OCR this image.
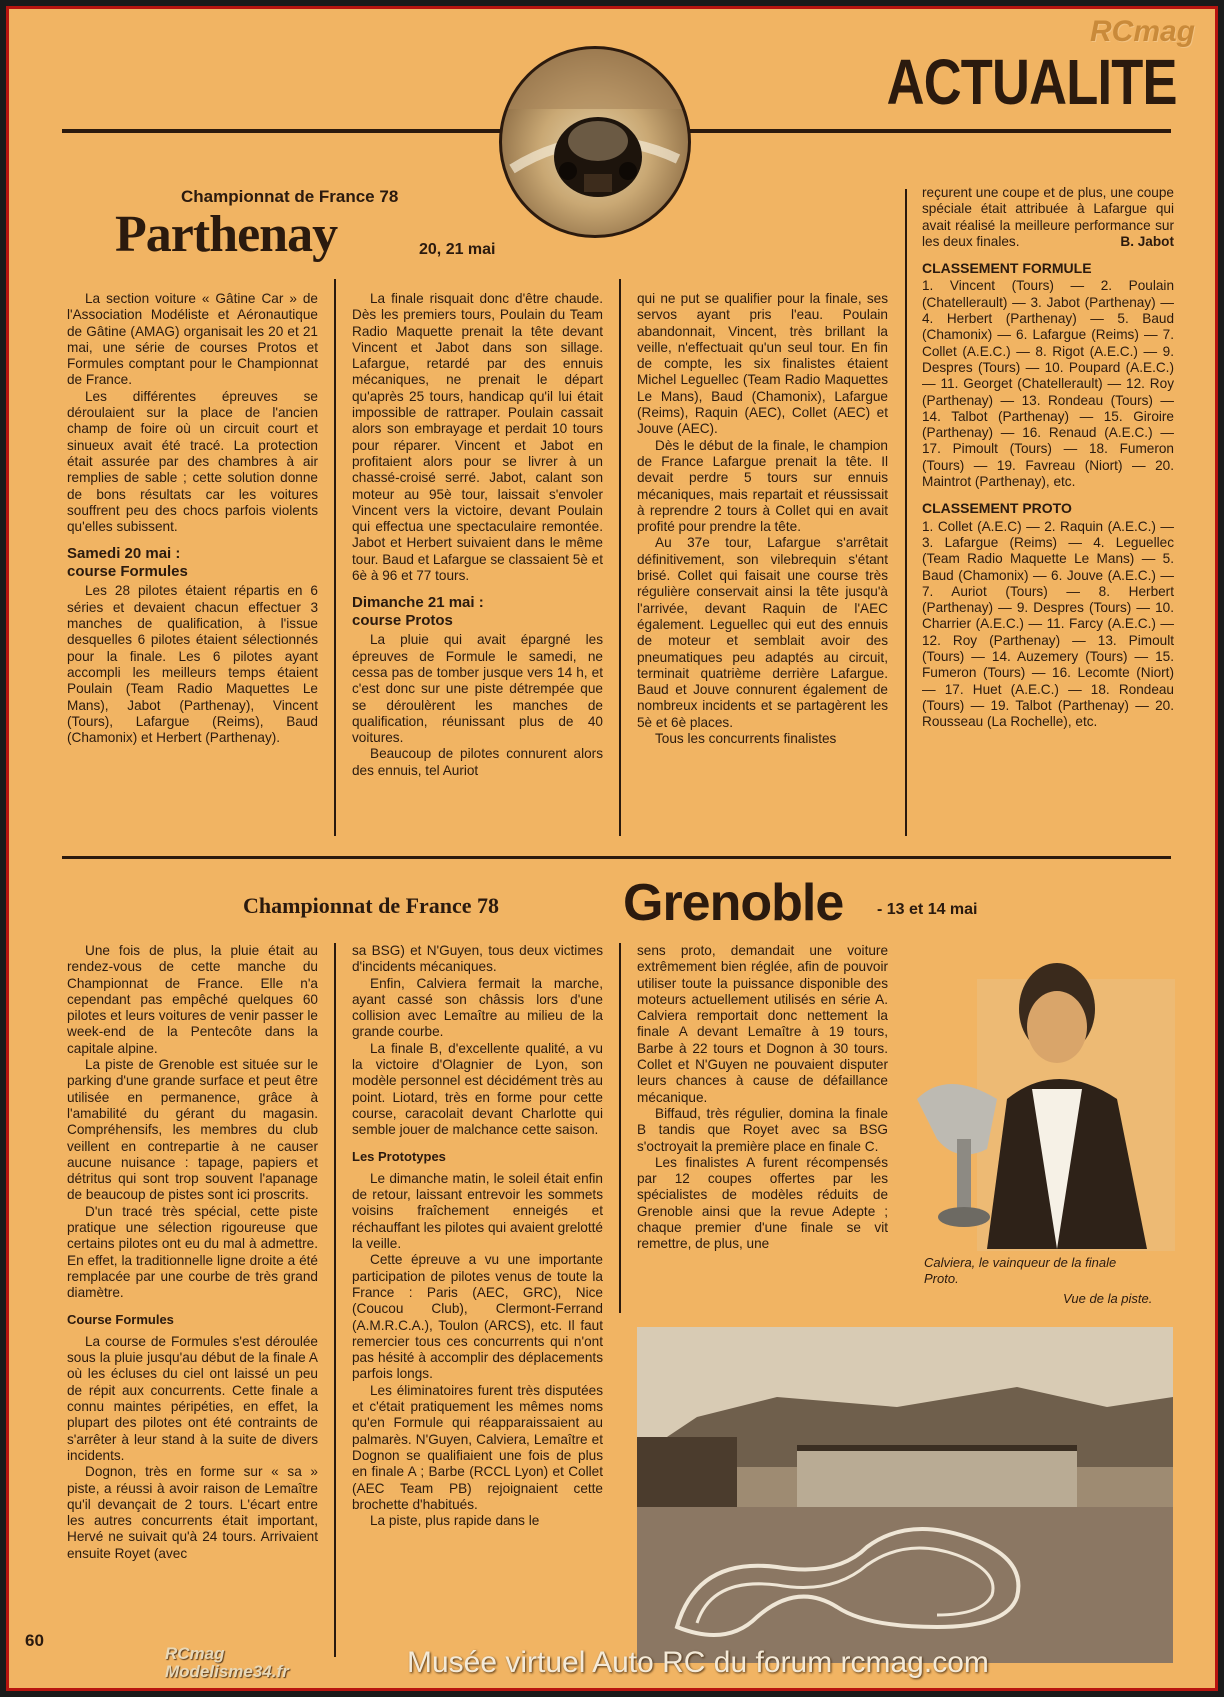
RCmag
ACTUALITE
Championnat de France 78
Parthenay	20, 21 mai

La section voiture « Gâtine Car » de l'Association Modéliste et Aéronautique de Gâtine (AMAG) organisait les 20 et 21 mai, une série de courses Protos et Formules comptant pour le Championnat de France.

Les différentes épreuves se déroulaient sur la place de l'ancien champ de foire où un circuit court et sinueux avait été tracé. La protection était assurée par des chambres à air remplies de sable ; cette solution donne de bons résultats car les voitures souffrent peu des chocs parfois violents qu'elles subissent.

Samedi 20 mai :
course Formules

Les 28 pilotes étaient répartis en 6 séries et devaient chacun effectuer 3 manches de qualification, à l'issue desquelles 6 pilotes étaient sélectionnés pour la finale. Les 6 pilotes ayant accompli les meilleurs temps étaient Poulain (Team Radio Maquettes Le Mans), Jabot (Parthenay), Vincent (Tours), Lafargue (Reims), Baud (Chamonix) et Herbert (Parthenay).

La finale risquait donc d'être chaude. Dès les premiers tours, Poulain du Team Radio Maquette prenait la tête devant Vincent et Jabot dans son sillage. Lafargue, retardé par des ennuis mécaniques, ne prenait le départ qu'après 25 tours, handicap qu'il lui était impossible de rattraper. Poulain cassait alors son embrayage et perdait 10 tours pour réparer. Vincent et Jabot en profitaient alors pour se livrer à un chassé-croisé serré. Jabot, calant son moteur au 95è tour, laissait s'envoler Vincent vers la victoire, devant Poulain qui effectua une spectaculaire remontée. Jabot et Herbert suivaient dans le même tour. Baud et Lafargue se classaient 5è et 6è à 96 et 77 tours.

Dimanche 21 mai :
course Protos

La pluie qui avait épargné les épreuves de Formule le samedi, ne cessa pas de tomber jusque vers 14 h, et c'est donc sur une piste détrempée que se déroulèrent les manches de qualification, réunissant plus de 40 voitures.

Beaucoup de pilotes connurent alors des ennuis, tel Auriot

qui ne put se qualifier pour la finale, ses servos ayant pris l'eau. Poulain abandonnait, Vincent, très brillant la veille, n'effectuait qu'un seul tour. En fin de compte, les six finalistes étaient Michel Leguellec (Team Radio Maquettes Le Mans), Baud (Chamonix), Lafargue (Reims), Raquin (AEC), Collet (AEC) et Jouve (AEC).

Dès le début de la finale, le champion de France Lafargue prenait la tête. Il devait perdre 5 tours sur ennuis mécaniques, mais repartait et réussissait à reprendre 2 tours à Collet qui en avait profité pour prendre la tête.

Au 37e tour, Lafargue s'arrêtait définitivement, son vilebrequin s'étant brisé. Collet qui faisait une course très régulière conservait ainsi la tête jusqu'à l'arrivée, devant Raquin de l'AEC également. Leguellec qui eut des ennuis de moteur et semblait avoir des pneumatiques peu adaptés au circuit, terminait quatrième derrière Lafargue. Baud et Jouve connurent également de nombreux incidents et se partagèrent les 5è et 6è places.

Tous les concurrents finalistes

reçurent une coupe et de plus, une coupe spéciale était attribuée à Lafargue qui avait réalisé la meilleure performance sur les deux finales.	B. Jabot

CLASSEMENT FORMULE

1. Vincent (Tours) — 2. Poulain (Chatellerault) — 3. Jabot (Parthenay) — 4. Herbert (Parthenay) — 5. Baud (Chamonix) — 6. Lafargue (Reims) — 7. Collet (A.E.C.) — 8. Rigot (A.E.C.) — 9. Despres (Tours) — 10. Poupard (A.E.C.) — 11. Georget (Chatellerault) — 12. Roy (Parthenay) — 13. Rondeau (Tours) — 14. Talbot (Parthenay) — 15. Giroire (Parthenay) — 16. Renaud (A.E.C.) — 17. Pimoult (Tours) — 18. Fumeron (Tours) — 19. Favreau (Niort) — 20. Maintrot (Parthenay), etc.

CLASSEMENT PROTO

1. Collet (A.E.C) — 2. Raquin (A.E.C.) — 3. Lafargue (Reims) — 4. Leguellec (Team Radio Maquette Le Mans) — 5. Baud (Chamonix) — 6. Jouve (A.E.C.) — 7. Auriot (Tours) — 8. Herbert (Parthenay) — 9. Despres (Tours) — 10. Charrier (A.E.C.) — 11. Farcy (A.E.C.) — 12. Roy (Parthenay) — 13. Pimoult (Tours) — 14. Auzemery (Tours) — 15. Fumeron (Tours) — 16. Lecomte (Niort) — 17. Huet (A.E.C.) — 18. Rondeau (Tours) — 19. Talbot (Parthenay) — 20. Rousseau (La Rochelle), etc.

Championnat de France 78 Grenoble - 13 et 14 mai

Une fois de plus, la pluie était au rendez-vous de cette manche du Championnat de France. Elle n'a cependant pas empêché quelques 60 pilotes et leurs voitures de venir passer le week-end de la Pentecôte dans la capitale alpine.

La piste de Grenoble est située sur le parking d'une grande surface et peut être utilisée en permanence, grâce à l'amabilité du gérant du magasin. Compréhensifs, les membres du club veillent en contrepartie à ne causer aucune nuisance : tapage, papiers et détritus qui sont trop souvent l'apanage de beaucoup de pistes sont ici proscrits.

D'un tracé très spécial, cette piste pratique une sélection rigoureuse que certains pilotes ont eu du mal à admettre. En effet, la traditionnelle ligne droite a été remplacée par une courbe de très grand diamètre.

Course Formules

La course de Formules s'est déroulée sous la pluie jusqu'au début de la finale A où les écluses du ciel ont laissé un peu de répit aux concurrents. Cette finale a connu maintes péripéties, en effet, la plupart des pilotes ont été contraints de s'arrêter à leur stand à la suite de divers incidents.

Dognon, très en forme sur « sa » piste, a réussi à avoir raison de Lemaître qu'il devançait de 2 tours. L'écart entre les autres concurrents était important, Hervé ne suivait qu'à 24 tours. Arrivaient ensuite Royet (avec

sa BSG) et N'Guyen, tous deux victimes d'incidents mécaniques.

Enfin, Calviera fermait la marche, ayant cassé son châssis lors d'une collision avec Lemaître au milieu de la grande courbe.

La finale B, d'excellente qualité, a vu la victoire d'Olagnier de Lyon, son modèle personnel est décidément très au point. Liotard, très en forme pour cette course, caracolait devant Charlotte qui semble jouer de malchance cette saison.

Les Prototypes

Le dimanche matin, le soleil était enfin de retour, laissant entrevoir les sommets voisins fraîchement enneigés et réchauffant les pilotes qui avaient grelotté la veille.

Cette épreuve a vu une importante participation de pilotes venus de toute la France : Paris (AEC, GRC), Nice (Coucou Club), Clermont-Ferrand (A.M.R.C.A.), Toulon (ARCS), etc. Il faut remercier tous ces concurrents qui n'ont pas hésité à accomplir des déplacements parfois longs.

Les éliminatoires furent très disputées et c'était pratiquement les mêmes noms qu'en Formule qui réapparaissaient au palmarès. N'Guyen, Calviera, Lemaître et Dognon se qualifiaient une fois de plus en finale A ; Barbe (RCCL Lyon) et Collet (AEC Team PB) rejoignaient cette brochette d'habitués.

La piste, plus rapide dans le

sens proto, demandait une voiture extrêmement bien réglée, afin de pouvoir utiliser toute la puissance disponible des moteurs actuellement utilisés en série A. Calviera remportait donc nettement la finale A devant Lemaître à 19 tours, Barbe à 22 tours et Dognon à 30 tours. Collet et N'Guyen ne pouvaient disputer leurs chances à cause de défaillance mécanique.

Biffaud, très régulier, domina la finale B tandis que Royet avec sa BSG s'octroyait la première place en finale C.

Les finalistes A furent récompensés par 12 coupes offertes par les spécialistes de modèles réduits de Grenoble ainsi que la revue Adepte ; chaque premier d'une finale se vit remettre, de plus, une

Calviera, le vainqueur de la finale Proto.
Vue de la piste.
60
RCmag
Modelisme34.fr	Musée virtuel Auto RC du forum rcmag.com
